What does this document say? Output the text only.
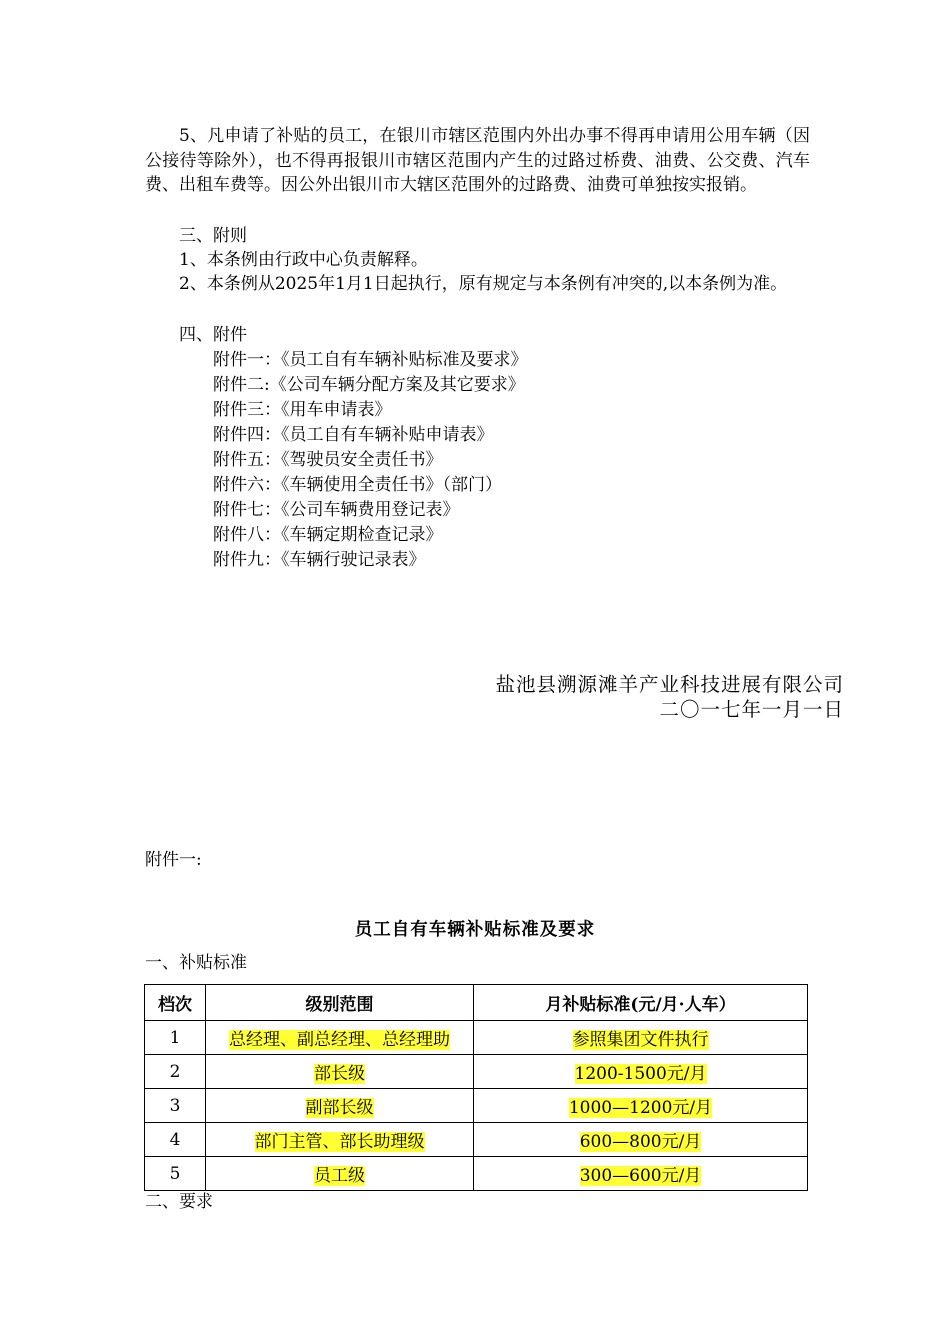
5、凡申请了补贴的员工，在银川市辖区范围内外出办事不得再申请用公用车辆（因公接待等除外），也不得再报银川市辖区范围内产生的过路过桥费、油费、公交费、汽车费、出租车费等。因公外出银川市大辖区范围外的过路费、油费可单独按实报销。

三、附则
1、本条例由行政中心负责解释。

2、本条例从2025年1月1日起执行，原有规定与本条例有冲突的,以本条例为准。

四、附件
附件一：《员工自有车辆补贴标准及要求》
附件二:《公司车辆分配方案及其它要求》
附件三：《用车申请表》
附件四：《员工自有车辆补贴申请表》
附件五：《驾驶员安全责任书》
附件六：《车辆使用全责任书》（部门）
附件七：《公司车辆费用登记表》
附件八：《车辆定期检查记录》
附件九：《车辆行驶记录表》
盐池县溯源滩羊产业科技进展有限公司
二〇一七年一月一日
附件一:
员工自有车辆补贴标准及要求
一、补贴标准
档次	级别范围	月补贴标准(元/月·人车）
1	总经理、副总经理、总经理助	参照集团文件执行
2	部长级	1200-1500元/月
3	副部长级	1000—1200元/月
4	部门主管、部长助理级	600—800元/月
5	员工级	300—600元/月
二、要求
